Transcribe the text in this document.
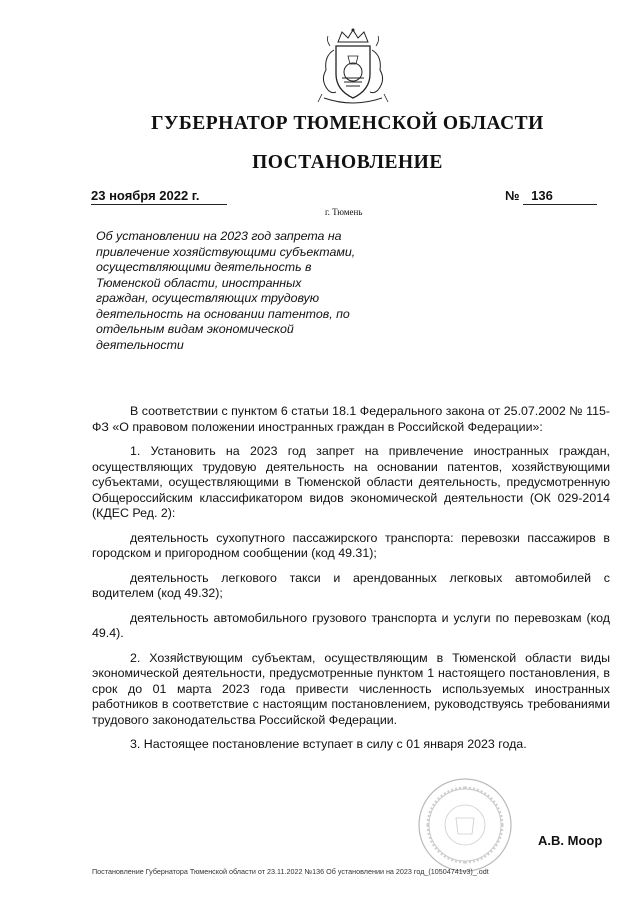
ГУБЕРНАТОР ТЮМЕНСКОЙ ОБЛАСТИ
ПОСТАНОВЛЕНИЕ
23 ноября 2022 г.	№ 136
г. Тюмень
Об установлении на 2023 год запрета на привлечение хозяйствующими субъектами, осуществляющими деятельность в Тюменской области, иностранных граждан, осуществляющих трудовую деятельность на основании патентов, по отдельным видам экономической деятельности

В соответствии с пунктом 6 статьи 18.1 Федерального закона от 25.07.2002 № 115-ФЗ «О правовом положении иностранных граждан в Российской Федерации»:

1. Установить на 2023 год запрет на привлечение иностранных граждан, осуществляющих трудовую деятельность на основании патентов, хозяйствующими субъектами, осуществляющими в Тюменской области деятельность, предусмотренную Общероссийским классификатором видов экономической деятельности (ОК 029-2014 (КДЕС Ред. 2):

деятельность сухопутного пассажирского транспорта: перевозки пассажиров в городском и пригородном сообщении (код 49.31);

деятельность легкового такси и арендованных легковых автомобилей с водителем (код 49.32);

деятельность автомобильного грузового транспорта и услуги по перевозкам (код 49.4).

2. Хозяйствующим субъектам, осуществляющим в Тюменской области виды экономической деятельности, предусмотренные пунктом 1 настоящего постановления, в срок до 01 марта 2023 года привести численность используемых иностранных работников в соответствие с настоящим постановлением, руководствуясь требованиями трудового законодательства Российской Федерации.

3. Настоящее постановление вступает в силу с 01 января 2023 года.

А.В. Моор
Постановление Губернатора Тюменской области от 23.11.2022 №136 Об установлении на 2023 год_(10504741v3)_.odt
